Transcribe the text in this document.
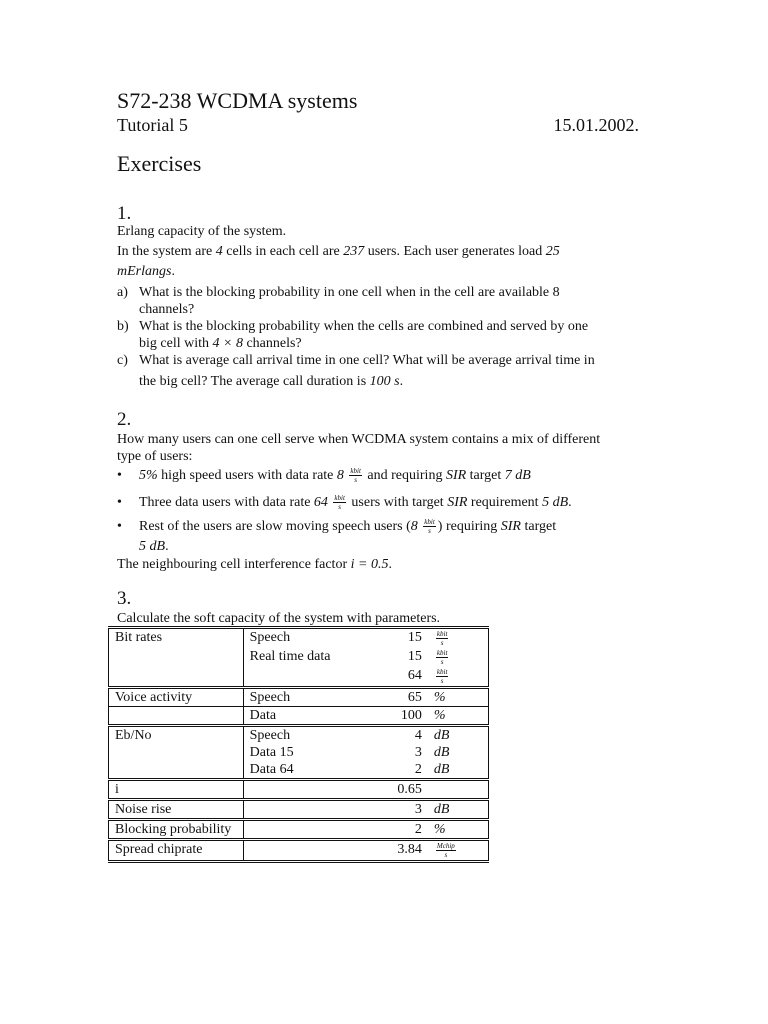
S72-238 WCDMA systems
Tutorial 5	15.01.2002.
Exercises
1.
Erlang capacity of the system.
In the system are 4 cells in each cell are 237 users. Each user generates load 25
mErlangs.
a) What is the blocking probability in one cell when in the cell are available 8
channels?
b) What is the blocking probability when the cells are combined and served by one
big cell with 4 × 8 channels?
c) What is average call arrival time in one cell? What will be average arrival time in
the big cell? The average call duration is 100 s.
2.
How many users can one cell serve when WCDMA system contains a mix of different
type of users:
•	5% high speed users with data rate $8 \frac{\text{kbit}}{s}$ and requiring SIR target 7 dB
•	Three data users with data rate $64 \frac{\text{kbit}}{s}$ users with target SIR requirement 5 dB.
•	Rest of the users are slow moving speech users ($8 \frac{\text{kbit}}{s}$ ) requiring SIR target
5 dB.
The neighbouring cell interference factor i = 0.5.
3.
Calculate the soft capacity of the system with parameters.
Bit rates	Speech	15	$\frac{\text{kbit}}{s}$

	Real time data	15	$\frac{\text{kbit}}{s}$

		64	$\frac{\text{kbit}}{s}$

Voice activity	Speech	65	%
	Data	100	%
Eb/No	Speech	4	dB
	Data 15	3	dB
	Data 64	2	dB
i		0.65	
Noise rise		3	dB
Blocking probability		2	%
Spread chiprate		3.84	$\frac{\text{Mchip}}{s}$
